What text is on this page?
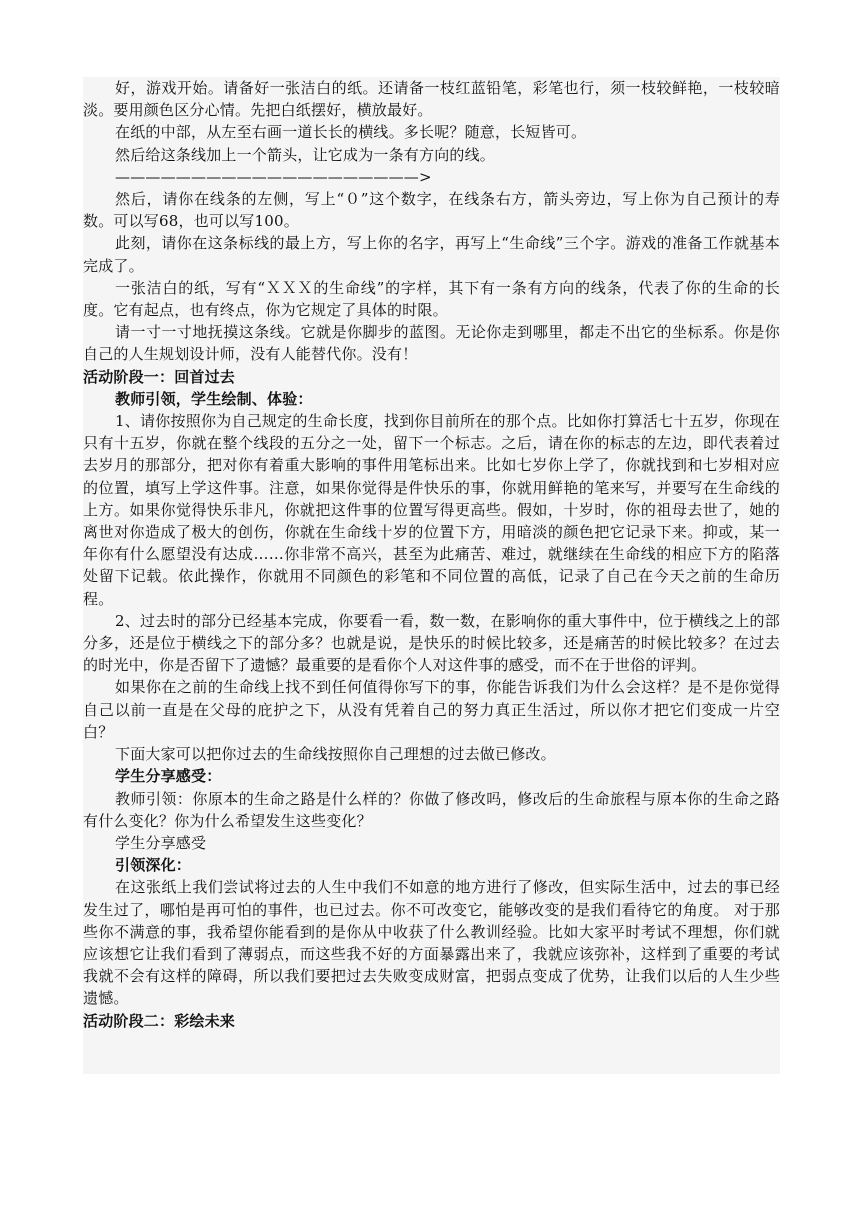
好，游戏开始。请备好一张洁白的纸。还请备一枝红蓝铅笔，彩笔也行，须一枝较鲜艳，一枝较暗淡。要用颜色区分心情。先把白纸摆好，横放最好。

在纸的中部，从左至右画一道长长的横线。多长呢？随意，长短皆可。

然后给这条线加上一个箭头，让它成为一条有方向的线。

————————————————————>

然后，请你在线条的左侧，写上“０”这个数字，在线条右方，箭头旁边，写上你为自己预计的寿数。可以写68，也可以写100。

此刻，请你在这条标线的最上方，写上你的名字，再写上“生命线”三个字。游戏的准备工作就基本完成了。

一张洁白的纸，写有“ＸＸＸ的生命线”的字样，其下有一条有方向的线条，代表了你的生命的长度。它有起点，也有终点，你为它规定了具体的时限。

请一寸一寸地抚摸这条线。它就是你脚步的蓝图。无论你走到哪里，都走不出它的坐标系。你是你自己的人生规划设计师，没有人能替代你。没有！

活动阶段一：回首过去

教师引领，学生绘制、体验：

1、请你按照你为自己规定的生命长度，找到你目前所在的那个点。比如你打算活七十五岁，你现在只有十五岁，你就在整个线段的五分之一处，留下一个标志。之后，请在你的标志的左边，即代表着过去岁月的那部分，把对你有着重大影响的事件用笔标出来。比如七岁你上学了，你就找到和七岁相对应的位置，填写上学这件事。注意，如果你觉得是件快乐的事，你就用鲜艳的笔来写，并要写在生命线的上方。如果你觉得快乐非凡，你就把这件事的位置写得更高些。假如，十岁时，你的祖母去世了，她的离世对你造成了极大的创伤，你就在生命线十岁的位置下方，用暗淡的颜色把它记录下来。抑或，某一年你有什么愿望没有达成……你非常不高兴，甚至为此痛苦、难过，就继续在生命线的相应下方的陷落处留下记载。依此操作，你就用不同颜色的彩笔和不同位置的高低，记录了自己在今天之前的生命历程。

2、过去时的部分已经基本完成，你要看一看，数一数，在影响你的重大事件中，位于横线之上的部分多，还是位于横线之下的部分多？也就是说，是快乐的时候比较多，还是痛苦的时候比较多？在过去的时光中，你是否留下了遗憾？最重要的是看你个人对这件事的感受，而不在于世俗的评判。

如果你在之前的生命线上找不到任何值得你写下的事，你能告诉我们为什么会这样？是不是你觉得自己以前一直是在父母的庇护之下，从没有凭着自己的努力真正生活过，所以你才把它们变成一片空白？

下面大家可以把你过去的生命线按照你自己理想的过去做已修改。

学生分享感受：

教师引领：你原本的生命之路是什么样的？你做了修改吗，修改后的生命旅程与原本你的生命之路有什么变化？你为什么希望发生这些变化？

学生分享感受

引领深化：

在这张纸上我们尝试将过去的人生中我们不如意的地方进行了修改，但实际生活中，过去的事已经发生过了，哪怕是再可怕的事件，也已过去。你不可改变它，能够改变的是我们看待它的角度。 对于那些你不满意的事，我希望你能看到的是你从中收获了什么教训经验。比如大家平时考试不理想，你们就应该想它让我们看到了薄弱点，而这些我不好的方面暴露出来了，我就应该弥补，这样到了重要的考试我就不会有这样的障碍，所以我们要把过去失败变成财富，把弱点变成了优势，让我们以后的人生少些遗憾。

活动阶段二：彩绘未来
